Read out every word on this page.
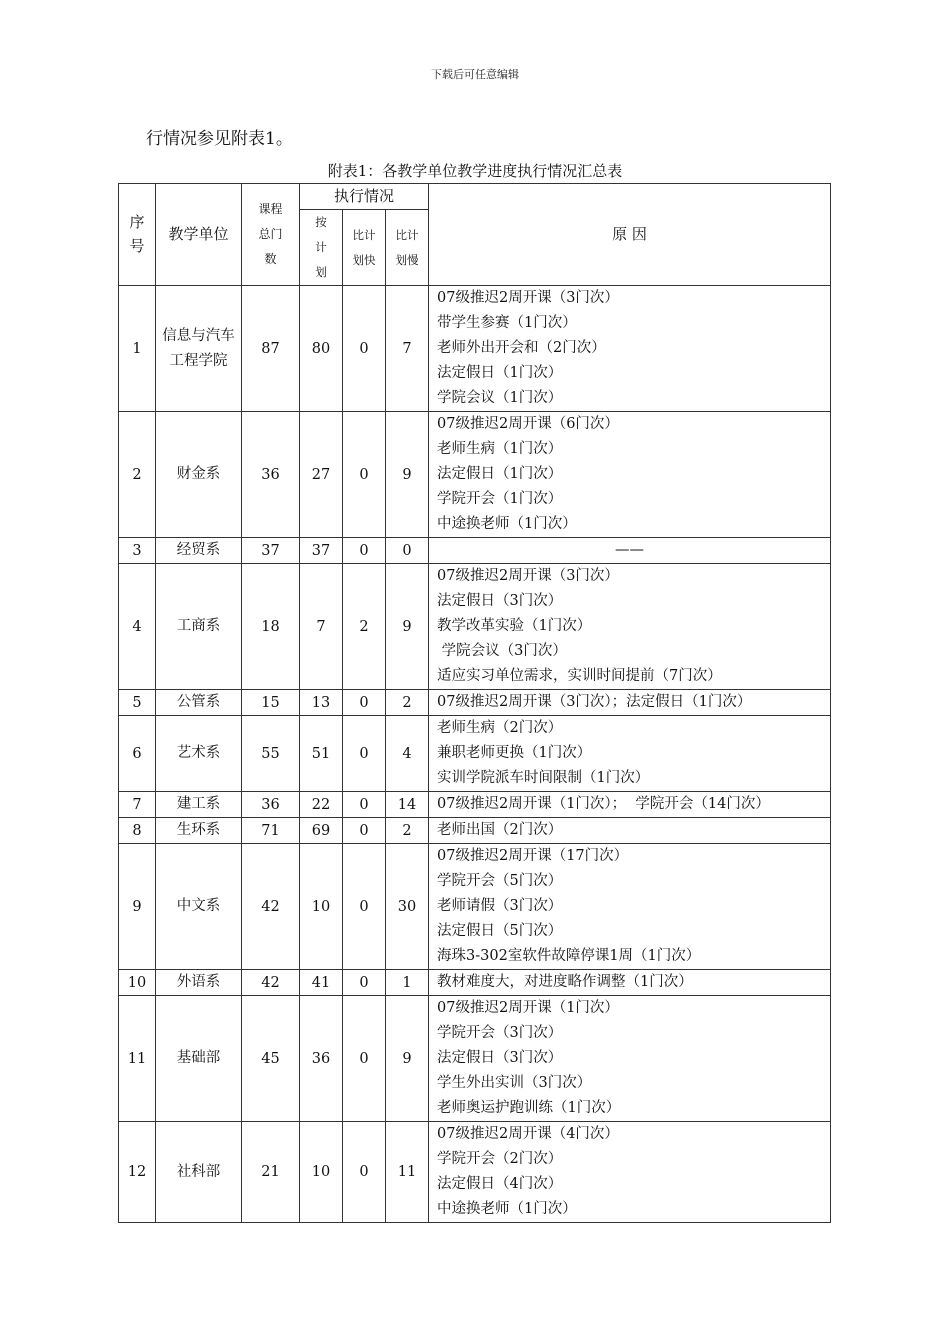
下载后可任意编辑
行情况参见附表1。
附表1：各教学单位教学进度执行情况汇总表
序号	教学单位	课程总门数	执行情况			原 因
			按计划	比计划快	比计划慢	

1	信息与汽车工程学院	87	80	0	7	07级推迟2周开课（3门次）
带学生参赛（1门次）
老师外出开会和（2门次）
法定假日（1门次）
学院会议（1门次）

2	财金系	36	27	0	9	07级推迟2周开课（6门次）
老师生病（1门次）
法定假日（1门次）
学院开会（1门次）
中途换老师（1门次）

3	经贸系	37	37	0	0	——

4	工商系	18	7	2	9	07级推迟2周开课（3门次）
法定假日（3门次）
教学改革实验（1门次）
学院会议（3门次）
适应实习单位需求，实训时间提前（7门次）

5	公管系	15	13	0	2	07级推迟2周开课（3门次）；法定假日（1门次）

6	艺术系	55	51	0	4	老师生病（2门次）
兼职老师更换（1门次）
实训学院派车时间限制（1门次）

7	建工系	36	22	0	14	07级推迟2周开课（1门次）；  学院开会（14门次）

8	生环系	71	69	0	2	老师出国（2门次）

9	中文系	42	10	0	30	07级推迟2周开课（17门次）
学院开会（5门次）
老师请假（3门次）
法定假日（5门次）
海珠3-302室软件故障停课1周（1门次）

10	外语系	42	41	0	1	教材难度大，对进度略作调整（1门次）

11	基础部	45	36	0	9	07级推迟2周开课（1门次）
学院开会（3门次）
法定假日（3门次）
学生外出实训（3门次）
老师奥运护跑训练（1门次）

12	社科部	21	10	0	11	07级推迟2周开课（4门次）
学院开会（2门次）
法定假日（4门次）
中途换老师（1门次）
